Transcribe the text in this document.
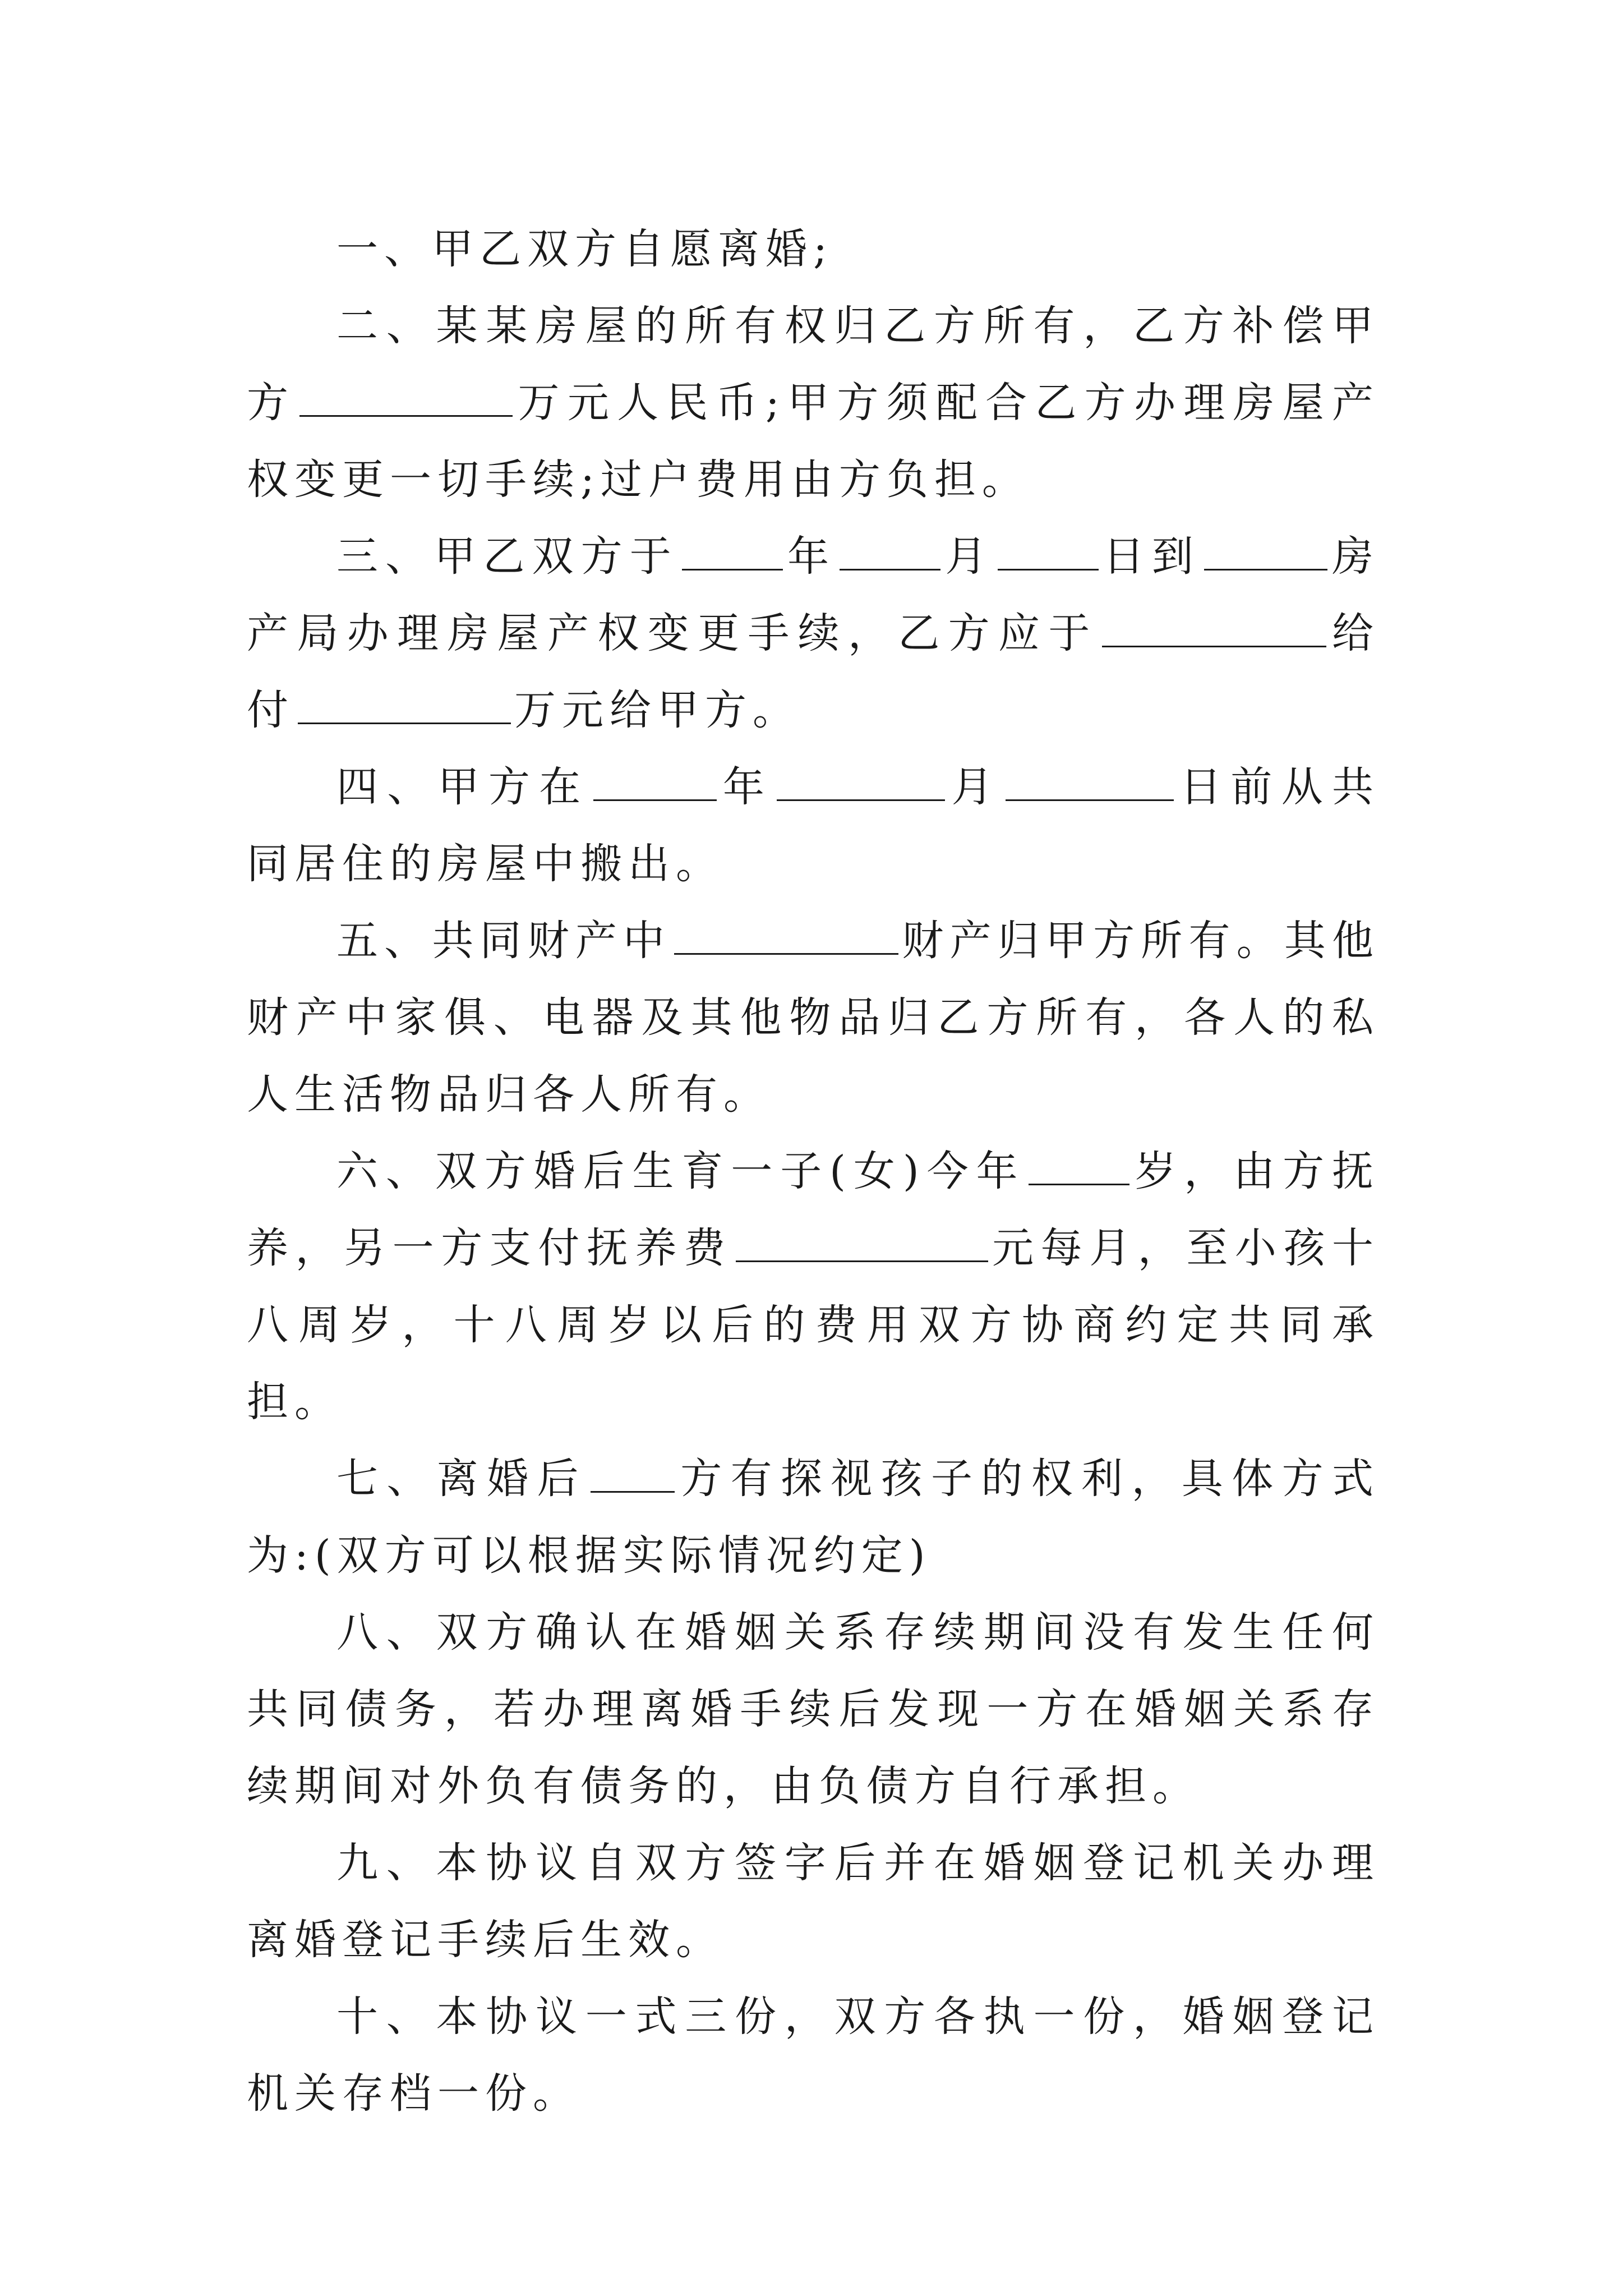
一、甲乙双方自愿离婚;

二、某某房屋的所有权归乙方所有，乙方补偿甲方	万元人民币;甲方须配合乙方办理房屋产权变更一切手续;过户费用由方负担。

三、甲乙双方于	年	月	日到	房产局办理房屋产权变更手续，乙方应于	给付	万元给甲方。

四、甲方在	年	月	日前从共同居住的房屋中搬出。

五、共同财产中	财产归甲方所有。其他财产中家俱、电器及其他物品归乙方所有，各人的私人生活物品归各人所有。

六、双方婚后生育一子(女)今年	岁，由方抚养，另一方支付抚养费	元每月，至小孩十八周岁，十八周岁以后的费用双方协商约定共同承担。

七、离婚后 方有探视孩子的权利，具体方式为:(双方可以根据实际情况约定)

八、双方确认在婚姻关系存续期间没有发生任何共同债务，若办理离婚手续后发现一方在婚姻关系存续期间对外负有债务的，由负债方自行承担。

九、本协议自双方签字后并在婚姻登记机关办理离婚登记手续后生效。

十、本协议一式三份，双方各执一份，婚姻登记机关存档一份。
